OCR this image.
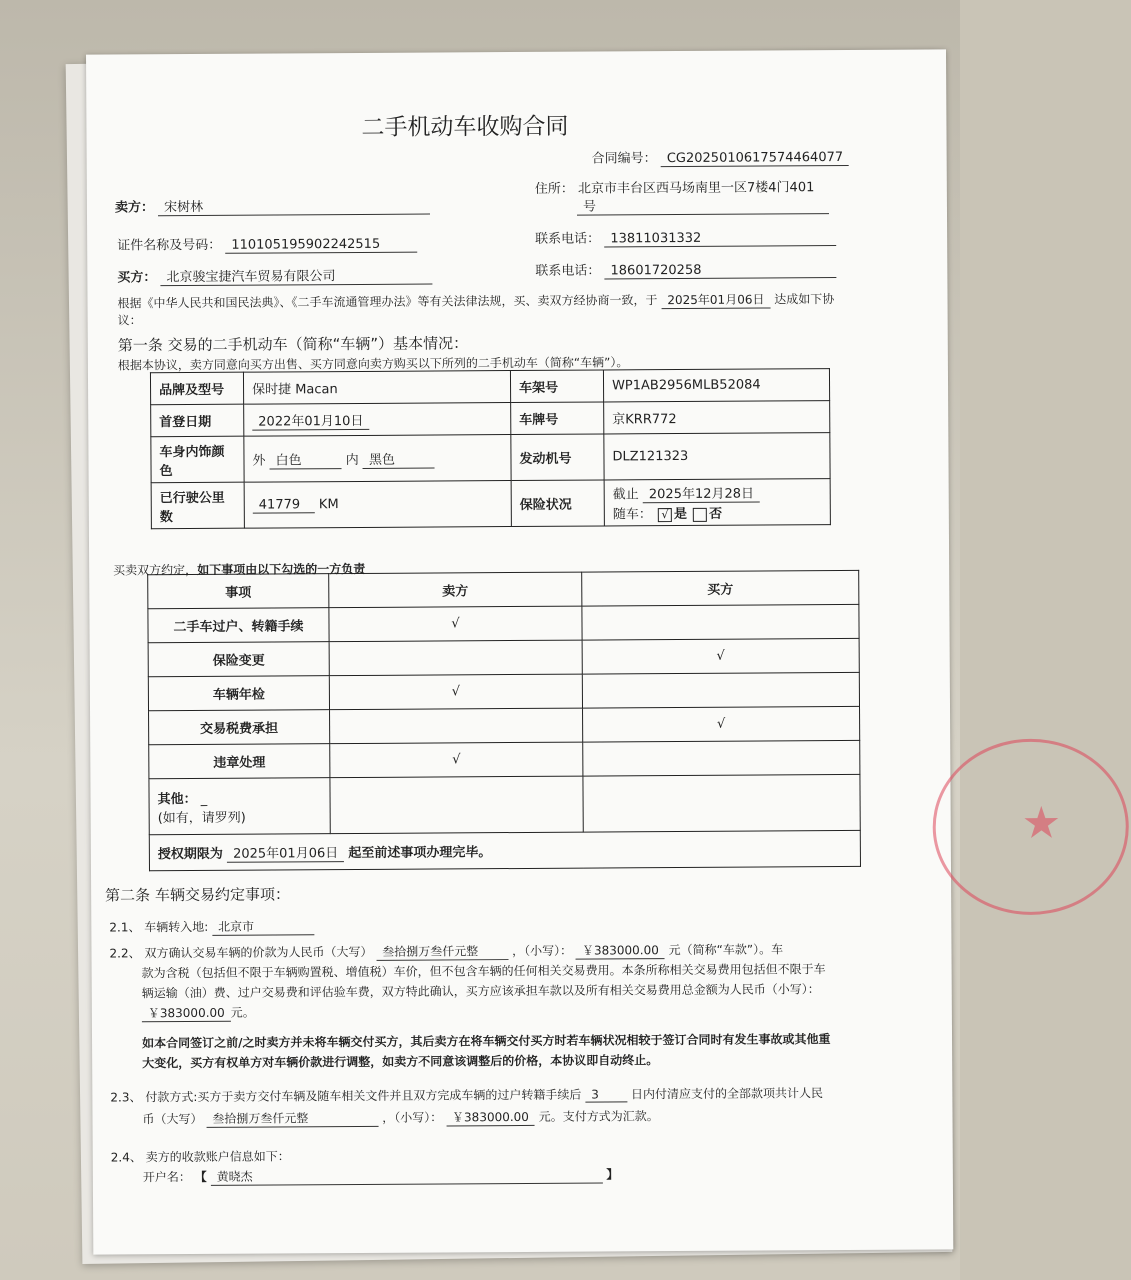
二手机动车收购合同
合同编号： CG2025010617574464077
卖方： 宋树林
住所： 北京市丰台区西马场南里一区7楼4门401
号
证件名称及号码： 110105195902242515	联系电话： 13811031332
买方： 北京骏宝捷汽车贸易有限公司	联系电话： 18601720258
根据《中华人民共和国民法典》、《二手车流通管理办法》等有关法律法规，买、卖双方经协商一致，于 2025年01月06日 达成如下协
议：
第一条 交易的二手机动车（简称“车辆”）基本情况：
根据本协议，卖方同意向买方出售、买方同意向卖方购买以下所列的二手机动车（简称“车辆”）。
品牌及型号	保时捷 Macan	车架号	WP1AB2956MLB52084
首登日期	2022年01月10日	车牌号	京KRR772
车身内饰颜色	外 白色 内 黑色	发动机号	DLZ121323
已行驶公里数	41779 KM	保险状况	截止 2025年12月28日
随车： √ 是 否
买卖双方约定，如下事项由以下勾选的一方负责
事项	卖方	买方
二手车过户、转籍手续	√	
保险变更		√
车辆年检	√	
交易税费承担		√
违章处理	√	

其他： _
(如有，请罗列)		

授权期限为 2025年01月06日 起至前述事项办理完毕。		
第二条 车辆交易约定事项：
2.1、 车辆转入地: 北京市
2.2、 双方确认交易车辆的价款为人民币（大写） 叁拾捌万叁仟元整	，（小写）： ￥383000.00 元（简称“车款”）。车
款为含税（包括但不限于车辆购置税、增值税）车价，但不包含车辆的任何相关交易费用。本条所称相关交易费用包括但不限于车
辆运输（油）费、过户交易费和评估验车费，双方特此确认，买方应该承担车款以及所有相关交易费用总金额为人民币（小写）：
￥383000.00 元。
如本合同签订之前/之时卖方并未将车辆交付买方，其后卖方在将车辆交付买方时若车辆状况相较于签订合同时有发生事故或其他重
大变化，买方有权单方对车辆价款进行调整，如卖方不同意该调整后的价格，本协议即自动终止。
2.3、 付款方式:买方于卖方交付车辆及随车相关文件并且双方完成车辆的过户转籍手续后 3	日内付清应支付的全部款项共计人民
币（大写） 叁拾捌万叁仟元整	，（小写）： ￥383000.00 元。支付方式为汇款。
2.4、 卖方的收款账户信息如下：
开户名： 【 黄晓杰	】
★
